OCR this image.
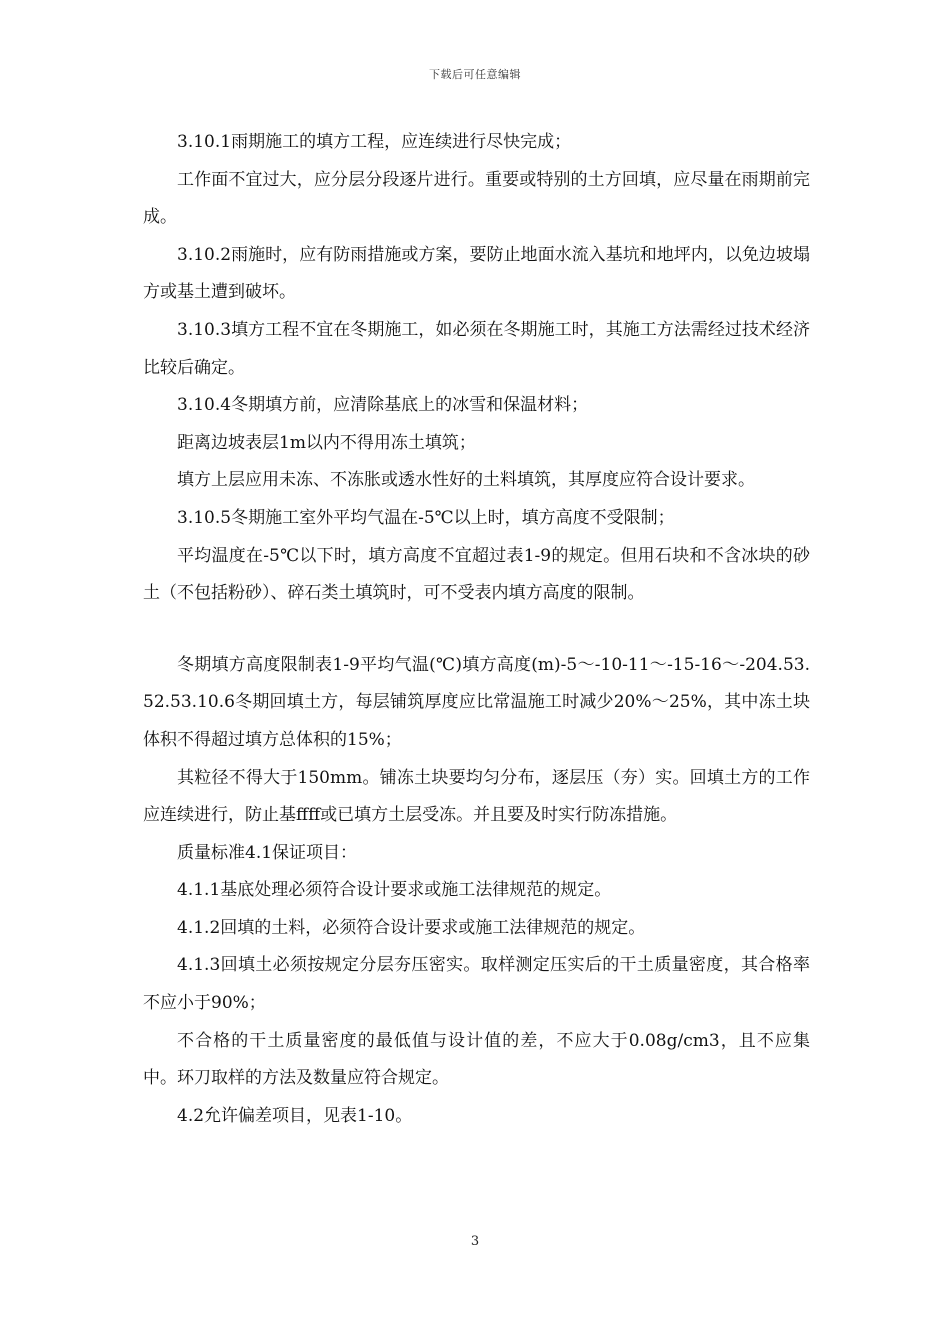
下载后可任意编辑

3.10.1雨期施工的填方工程，应连续进行尽快完成；

工作面不宜过大，应分层分段逐片进行。重要或特别的土方回填，应尽量在雨期前完成。

3.10.2雨施时，应有防雨措施或方案，要防止地面水流入基坑和地坪内，以免边坡塌方或基土遭到破坏。

3.10.3填方工程不宜在冬期施工，如必须在冬期施工时，其施工方法需经过技术经济比较后确定。

3.10.4冬期填方前，应清除基底上的冰雪和保温材料；

距离边坡表层1m以内不得用冻土填筑；

填方上层应用未冻、不冻胀或透水性好的土料填筑，其厚度应符合设计要求。

3.10.5冬期施工室外平均气温在-5℃以上时，填方高度不受限制；

平均温度在-5℃以下时，填方高度不宜超过表1-9的规定。但用石块和不含冰块的砂土（不包括粉砂）、碎石类土填筑时，可不受表内填方高度的限制。

冬期填方高度限制表1-9平均气温(℃)填方高度(m)-5～-10-11～-15-16～-204.53.52.53.10.6冬期回填土方，每层铺筑厚度应比常温施工时减少20%～25%，其中冻土块体积不得超过填方总体积的15%；

其粒径不得大于150mm。铺冻土块要均匀分布，逐层压（夯）实。回填土方的工作应连续进行，防止基ffff或已填方土层受冻。并且要及时实行防冻措施。

质量标准4.1保证项目：

4.1.1基底处理必须符合设计要求或施工法律规范的规定。

4.1.2回填的土料，必须符合设计要求或施工法律规范的规定。

4.1.3回填土必须按规定分层夯压密实。取样测定压实后的干土质量密度，其合格率不应小于90%；

不合格的干土质量密度的最低值与设计值的差，不应大于0.08g/cm3，且不应集中。环刀取样的方法及数量应符合规定。

4.2允许偏差项目，见表1-10。

3
